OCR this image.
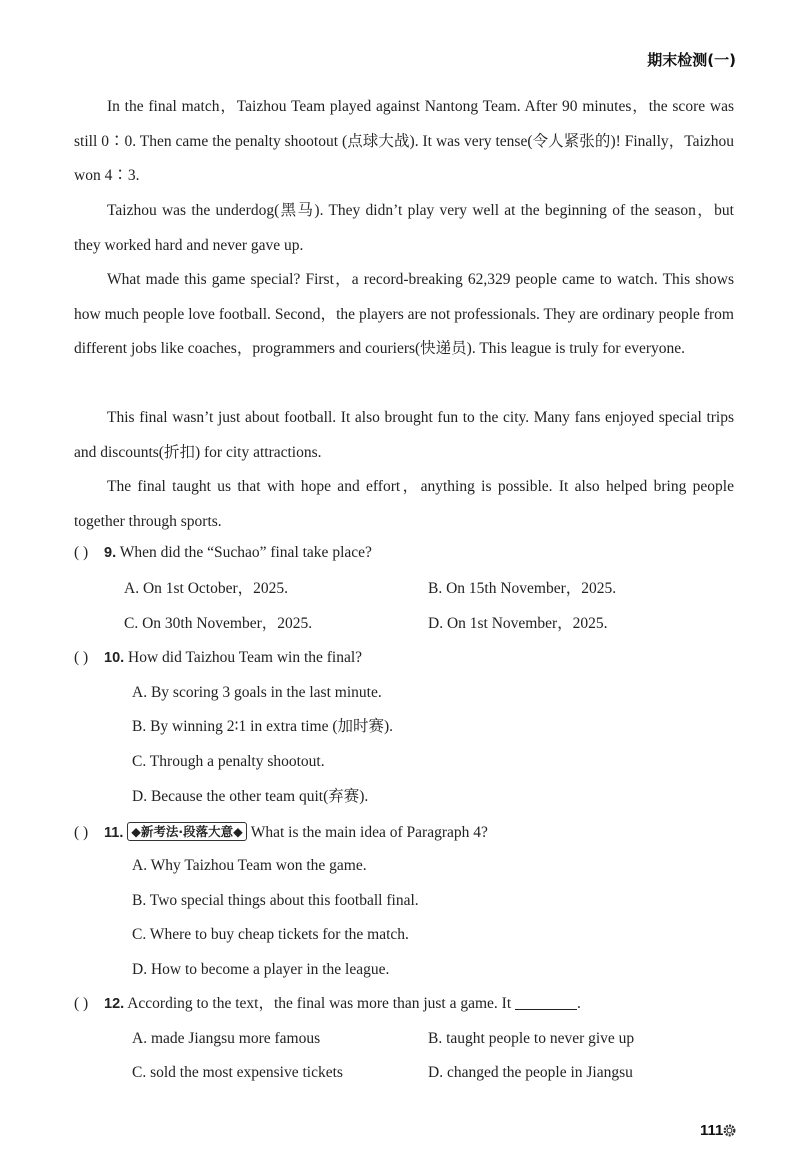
期末检测(一)

In the final match，Taizhou Team played against Nantong Team. After 90 minutes，the score was still 0∶0. Then came the penalty shootout (点球大战). It was very tense(令人紧张的)! Finally，Taizhou won 4∶3.

Taizhou was the underdog(黑马). They didn’t play very well at the beginning of the season，but they worked hard and never gave up.

What made this game special? First，a record-breaking 62,329 people came to watch. This shows how much people love football. Second，the players are not professionals. They are ordinary people from different jobs like coaches，programmers and couriers(快递员). This league is truly for everyone.

This final wasn’t just about football. It also brought fun to the city. Many fans enjoyed special trips and discounts(折扣) for city attractions.

The final taught us that with hope and effort，anything is possible. It also helped bring people together through sports.

( ) 9. When did the “Suchao” final take place?
A. On 1st October，2025.	B. On 15th November，2025.
C. On 30th November，2025.	D. On 1st November，2025.
( ) 10. How did Taizhou Team win the final?
A. By scoring 3 goals in the last minute.
B. By winning 2∶1 in extra time (加时赛).
C. Through a penalty shootout.
D. Because the other team quit(弃赛).
( ) 11. ◆新考法·段落大意◆ What is the main idea of Paragraph 4?
A. Why Taizhou Team won the game.
B. Two special things about this football final.
C. Where to buy cheap tickets for the match.
D. How to become a player in the league.
( ) 12. According to the text，the final was more than just a game. It	.
A. made Jiangsu more famous	B. taught people to never give up
C. sold the most expensive tickets	D. changed the people in Jiangsu
111
